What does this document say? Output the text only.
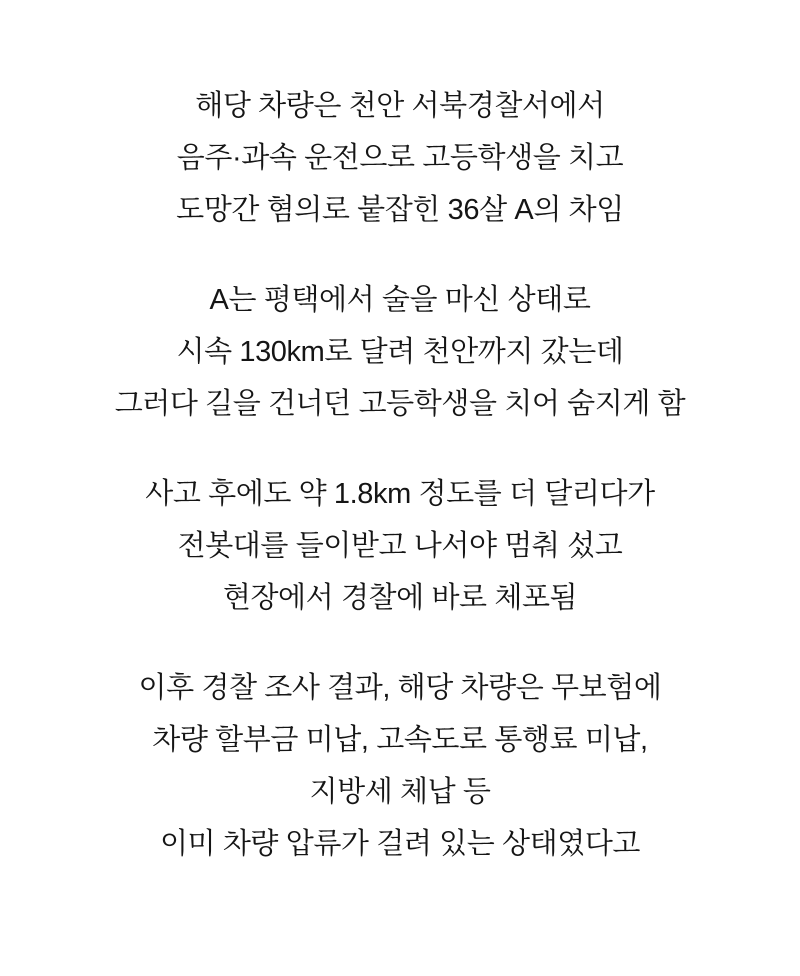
해당 차량은 천안 서북경찰서에서
음주·과속 운전으로 고등학생을 치고
도망간 혐의로 붙잡힌 36살 A의 차임
A는 평택에서 술을 마신 상태로
시속 130km로 달려 천안까지 갔는데
그러다 길을 건너던 고등학생을 치어 숨지게 함
사고 후에도 약 1.8km 정도를 더 달리다가
전봇대를 들이받고 나서야 멈춰 섰고
현장에서 경찰에 바로 체포됨
이후 경찰 조사 결과, 해당 차량은 무보험에
차량 할부금 미납, 고속도로 통행료 미납,
지방세 체납 등
이미 차량 압류가 걸려 있는 상태였다고
